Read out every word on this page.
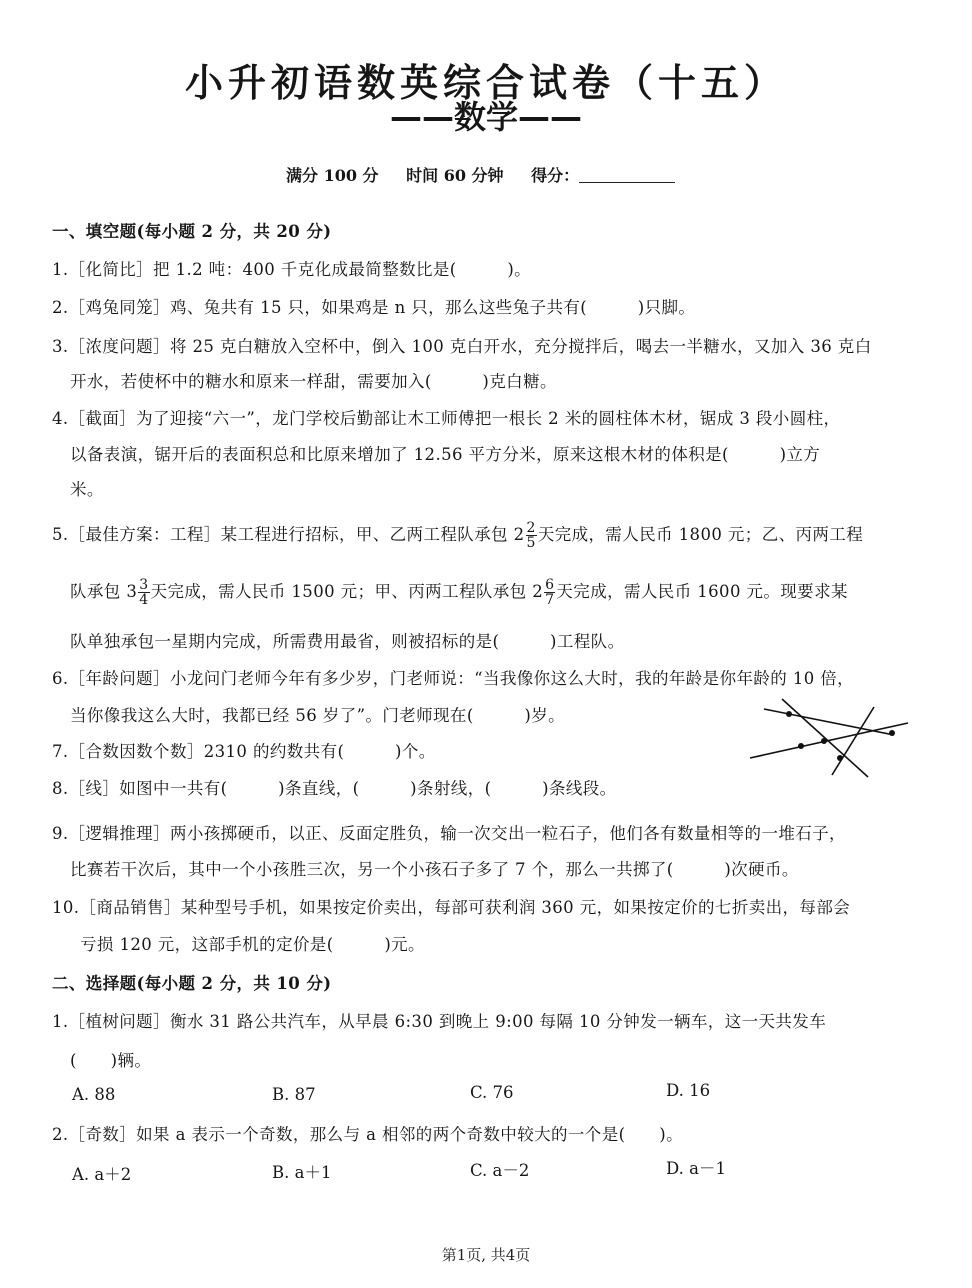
小升初语数英综合试卷（十五）
——数学——
满分 100 分 时间 60 分钟 得分：
一、填空题(每小题 2 分，共 20 分)
1.［化简比］把 1.2 吨：400 千克化成最简整数比是(　　　)。
2.［鸡兔同笼］鸡、兔共有 15 只，如果鸡是 n 只，那么这些兔子共有(　　　)只脚。
3.［浓度问题］将 25 克白糖放入空杯中，倒入 100 克白开水，充分搅拌后，喝去一半糖水，又加入 36 克白
开水，若使杯中的糖水和原来一样甜，需要加入(　　　)克白糖。
4.［截面］为了迎接“六一”，龙门学校后勤部让木工师傅把一根长 2 米的圆柱体木材，锯成 3 段小圆柱，
以备表演，锯开后的表面积总和比原来增加了 12.56 平方分米，原来这根木材的体积是(　　　)立方
米。
5.［最佳方案：工程］某工程进行招标，甲、乙两工程队承包 $2 \frac{2}{5}$ 天完成，需人民币 1800 元；乙、丙两工程
队承包 $3 \frac{3}{4}$ 天完成，需人民币 1500 元；甲、丙两工程队承包 $2 \frac{6}{7}$ 天完成，需人民币 1600 元。现要求某
队单独承包一星期内完成，所需费用最省，则被招标的是(　　　)工程队。
6.［年龄问题］小龙问门老师今年有多少岁，门老师说：“当我像你这么大时，我的年龄是你年龄的 10 倍，
当你像我这么大时，我都已经 56 岁了”。门老师现在(　　　)岁。
7.［合数因数个数］2310 的约数共有(　　　)个。
8.［线］如图中一共有(　　　)条直线，(　　　)条射线，(　　　)条线段。
9.［逻辑推理］两小孩掷硬币，以正、反面定胜负，输一次交出一粒石子，他们各有数量相等的一堆石子，
比赛若干次后，其中一个小孩胜三次，另一个小孩石子多了 7 个，那么一共掷了(　　　)次硬币。
10.［商品销售］某种型号手机，如果按定价卖出，每部可获利润 360 元，如果按定价的七折卖出，每部会
亏损 120 元，这部手机的定价是(　　　)元。
二、选择题(每小题 2 分，共 10 分)
1.［植树问题］衡水 31 路公共汽车，从早晨 6:30 到晚上 9:00 每隔 10 分钟发一辆车，这一天共发车
(　　)辆。
A. 88	B. 87	C. 76	D. 16
2.［奇数］如果 a 表示一个奇数，那么与 a 相邻的两个奇数中较大的一个是(　　)。
A. a＋2	B. a＋1	C. a－2	D. a－1
第1页, 共4页
